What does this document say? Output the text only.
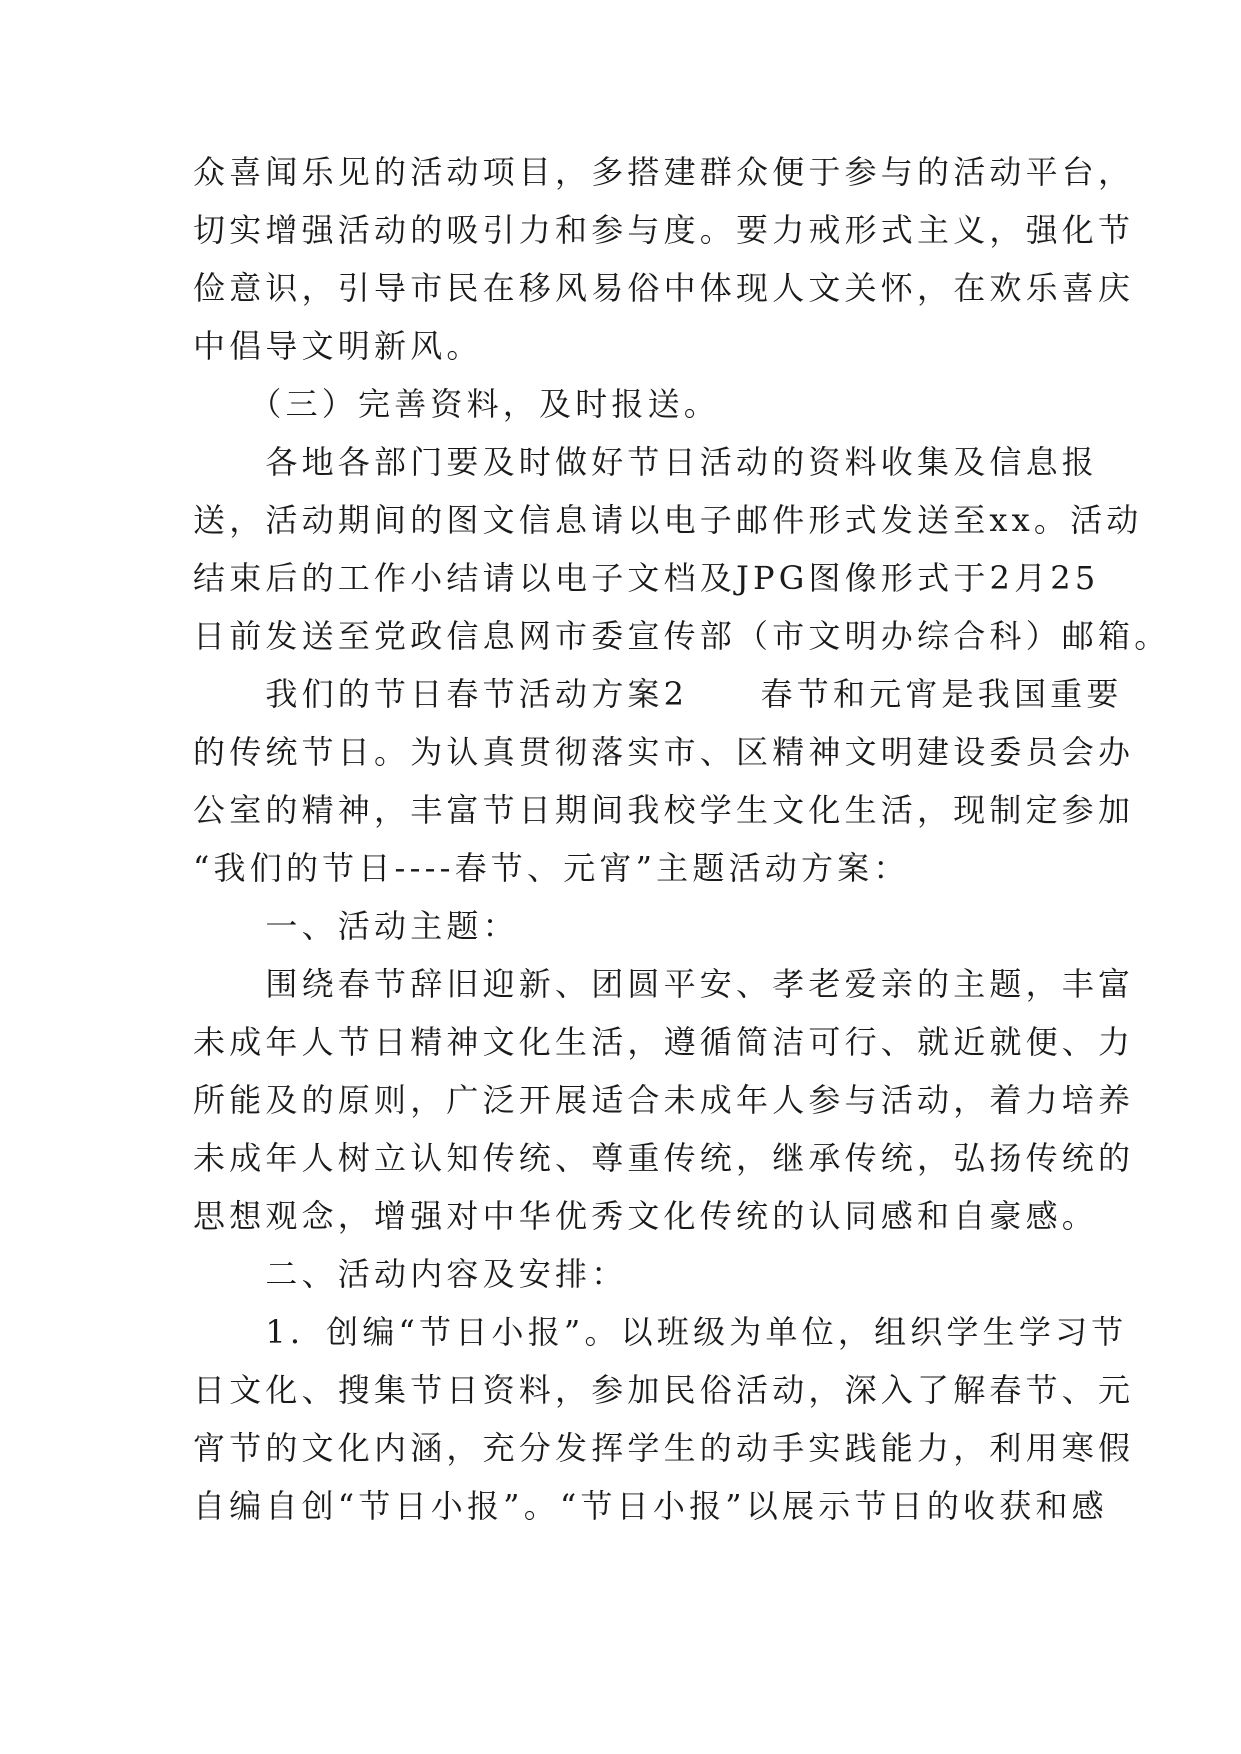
众喜闻乐见的活动项目，多搭建群众便于参与的活动平台，
切实增强活动的吸引力和参与度。要力戒形式主义，强化节
俭意识，引导市民在移风易俗中体现人文关怀，在欢乐喜庆
中倡导文明新风。
　　（三）完善资料，及时报送。
　　各地各部门要及时做好节日活动的资料收集及信息报
送，活动期间的图文信息请以电子邮件形式发送至xx。活动
结束后的工作小结请以电子文档及JPG图像形式于2月25
日前发送至党政信息网市委宣传部（市文明办综合科）邮箱。
　　我们的节日春节活动方案2　　春节和元宵是我国重要
的传统节日。为认真贯彻落实市、区精神文明建设委员会办
公室的精神，丰富节日期间我校学生文化生活，现制定参加
“我们的节日----春节、元宵”主题活动方案：
　　一、活动主题：
　　围绕春节辞旧迎新、团圆平安、孝老爱亲的主题，丰富
未成年人节日精神文化生活，遵循简洁可行、就近就便、力
所能及的原则，广泛开展适合未成年人参与活动，着力培养
未成年人树立认知传统、尊重传统，继承传统，弘扬传统的
思想观念，增强对中华优秀文化传统的认同感和自豪感。
　　二、活动内容及安排：
　　1．创编“节日小报”。以班级为单位，组织学生学习节
日文化、搜集节日资料，参加民俗活动，深入了解春节、元
宵节的文化内涵，充分发挥学生的动手实践能力，利用寒假
自编自创“节日小报”。“节日小报”以展示节日的收获和感
